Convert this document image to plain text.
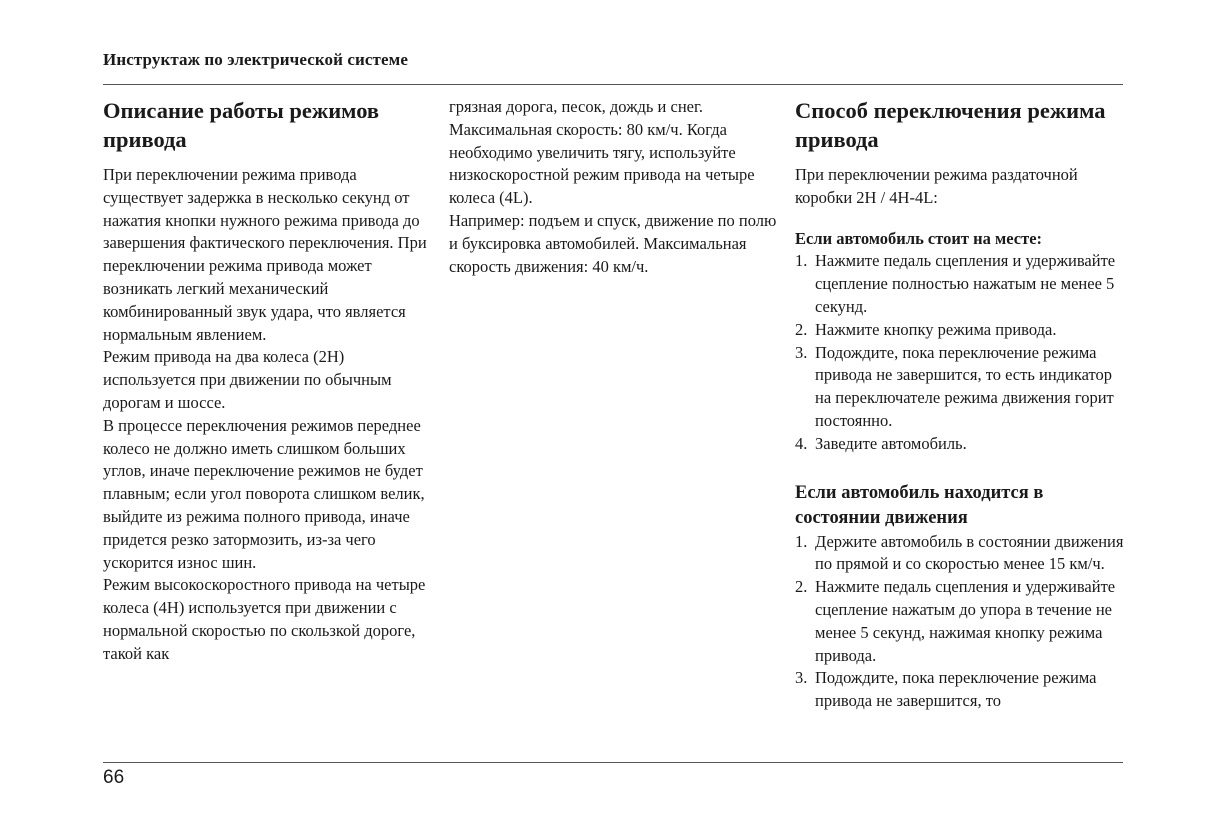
Инструктаж по электрической системе
Описание работы режимов привода

При переключении режима привода существует задержка в несколько секунд от нажатия кнопки нужного режима привода до завершения фактического переключения. При переключении режима привода может возникать легкий механический комбинированный звук удара, что является нормальным явлением.

Режим привода на два колеса (2H) используется при движении по обычным дорогам и шоссе.

В процессе переключения режимов переднее колесо не должно иметь слишком больших углов, иначе переключение режимов не будет плавным; если угол поворота слишком велик, выйдите из режима полного привода, иначе придется резко затормозить, из-за чего ускорится износ шин.

Режим высокоскоростного привода на четыре колеса (4H) используется при движении с нормальной скоростью по скользкой дороге, такой как

грязная дорога, песок, дождь и снег. Максимальная скорость: 80 км/ч. Когда необходимо увеличить тягу, используйте низкоскоростной режим привода на четыре колеса (4L).

Например: подъем и спуск, движение по полю и буксировка автомобилей. Максимальная скорость движения: 40 км/ч.

Способ переключения режима привода

При переключении режима раздаточной коробки 2H / 4H-4L:

Если автомобиль стоит на месте:
1. Нажмите педаль сцепления и удерживайте сцепление полностью нажатым не менее 5 секунд.
2. Нажмите кнопку режима привода.
3. Подождите, пока переключение режима привода не завершится, то есть индикатор на переключателе режима движения горит постоянно.
4. Заведите автомобиль.
Если автомобиль находится в состоянии движения
1. Держите автомобиль в состоянии движения по прямой и со скоростью менее 15 км/ч.
2. Нажмите педаль сцепления и удерживайте сцепление нажатым до упора в течение не менее 5 секунд, нажимая кнопку режима привода.
3. Подождите, пока переключение режима привода не завершится, то
66
